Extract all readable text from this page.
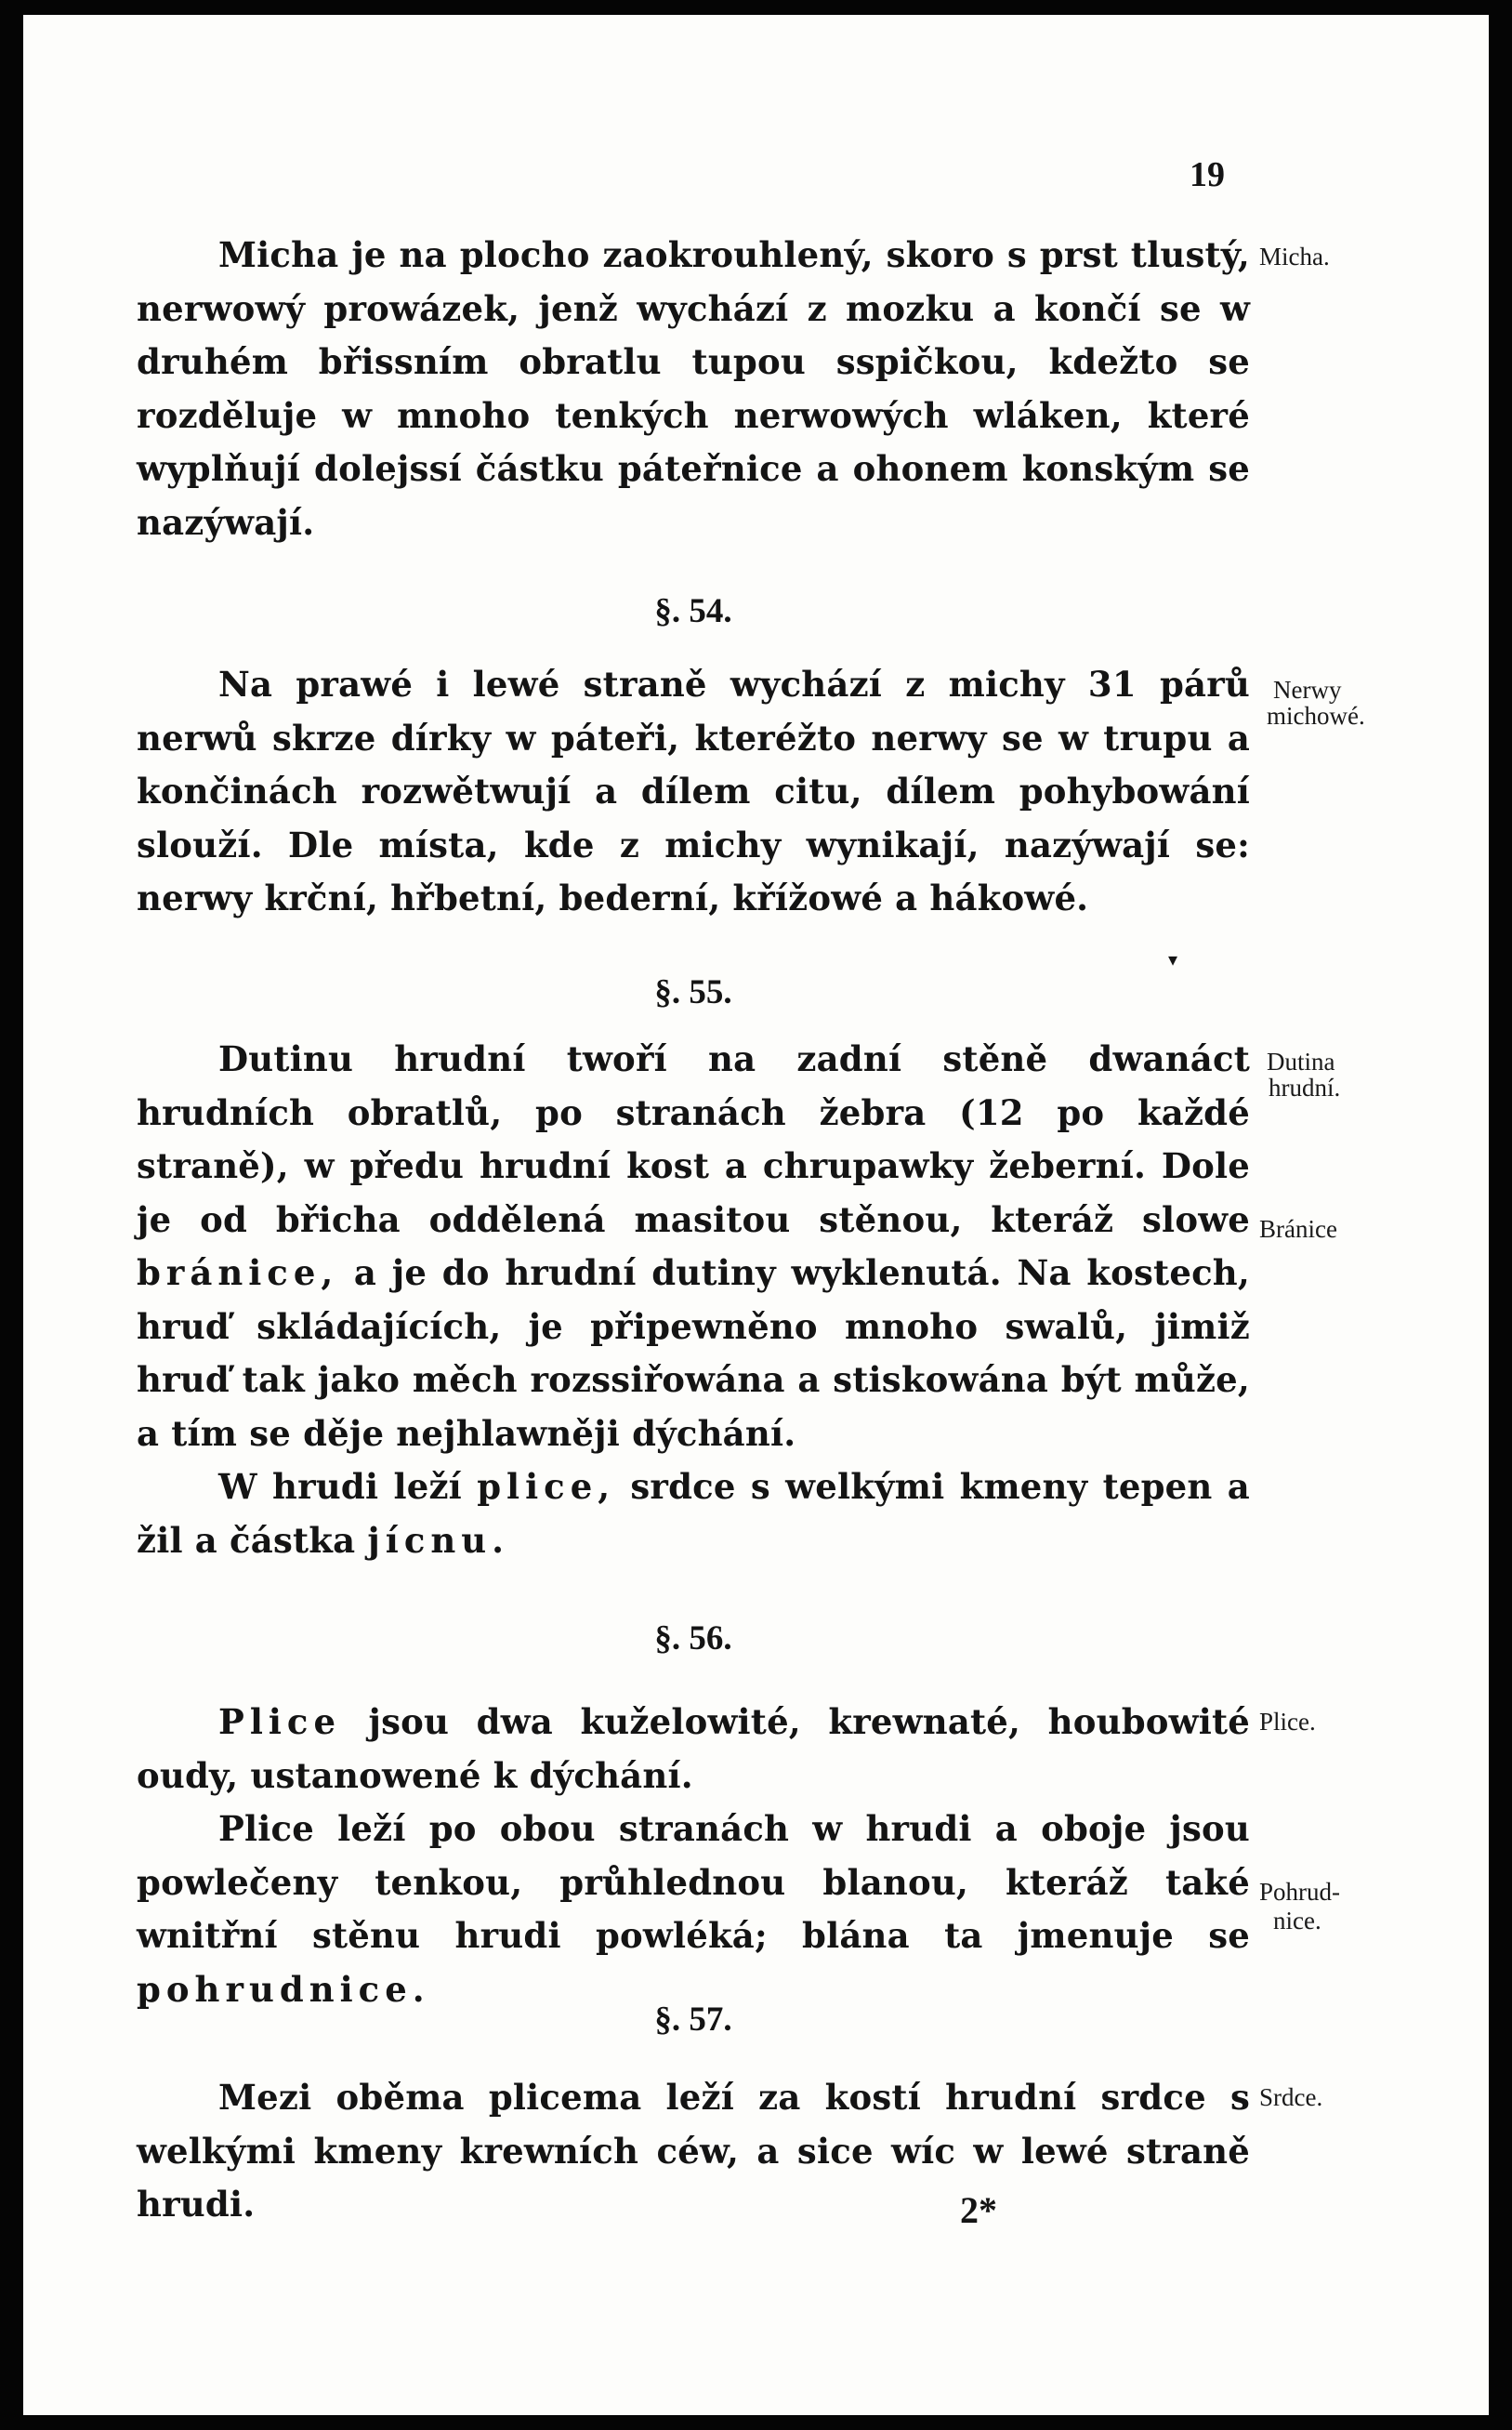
19

Micha je na plocho zaokrouhlený, skoro s prst tlustý, nerwowý prowázek, jenž wychází z mozku a končí se w druhém břissním obratlu tupou sspičkou, kdežto se rozděluje w mnoho tenkých nerwowých wláken, které wyplňují dolejssí částku páteřnice a ohonem konským se nazýwají.

Micha.
§. 54.

Na prawé i lewé straně wychází z michy 31 párů nerwů skrze dírky w páteři, kteréžto nerwy se w trupu a končinách rozwětwují a dílem citu, dílem pohybowání slouží. Dle místa, kde z michy wynikají, nazýwají se: nerwy krční, hřbetní, bederní, křížowé a hákowé.

Nerwy
michowé.
§. 55.
▾

Dutinu hrudní twoří na zadní stěně dwanáct hrudních obratlů, po stranách žebra (12 po každé straně), w předu hrudní kost a chrupawky žeberní. Dole je od břicha oddělená masitou stěnou, kteráž slowe bránice, a je do hrudní dutiny wyklenutá. Na kostech, hruď skládajících, je připewněno mnoho swalů, jimiž hruď tak jako měch rozssiřowána a stiskowána být může, a tím se děje nejhlawněji dýchání.

W hrudi leží plice, srdce s welkými kmeny tepen a žil a částka jícnu.

Dutina
hrudní.
Bránice
§. 56.

Plice jsou dwa kuželowité, krewnaté, houbowité oudy, ustanowené k dýchání.

Plice leží po obou stranách w hrudi a oboje jsou powlečeny tenkou, průhlednou blanou, kteráž také wnitřní stěnu hrudi powléká; blána ta jmenuje se pohrudnice.

Plice.
Pohrud-
nice.
§. 57.

Mezi oběma plicema leží za kostí hrudní srdce s welkými kmeny krewních céw, a sice wíc w lewé straně hrudi.

Srdce.
2*
